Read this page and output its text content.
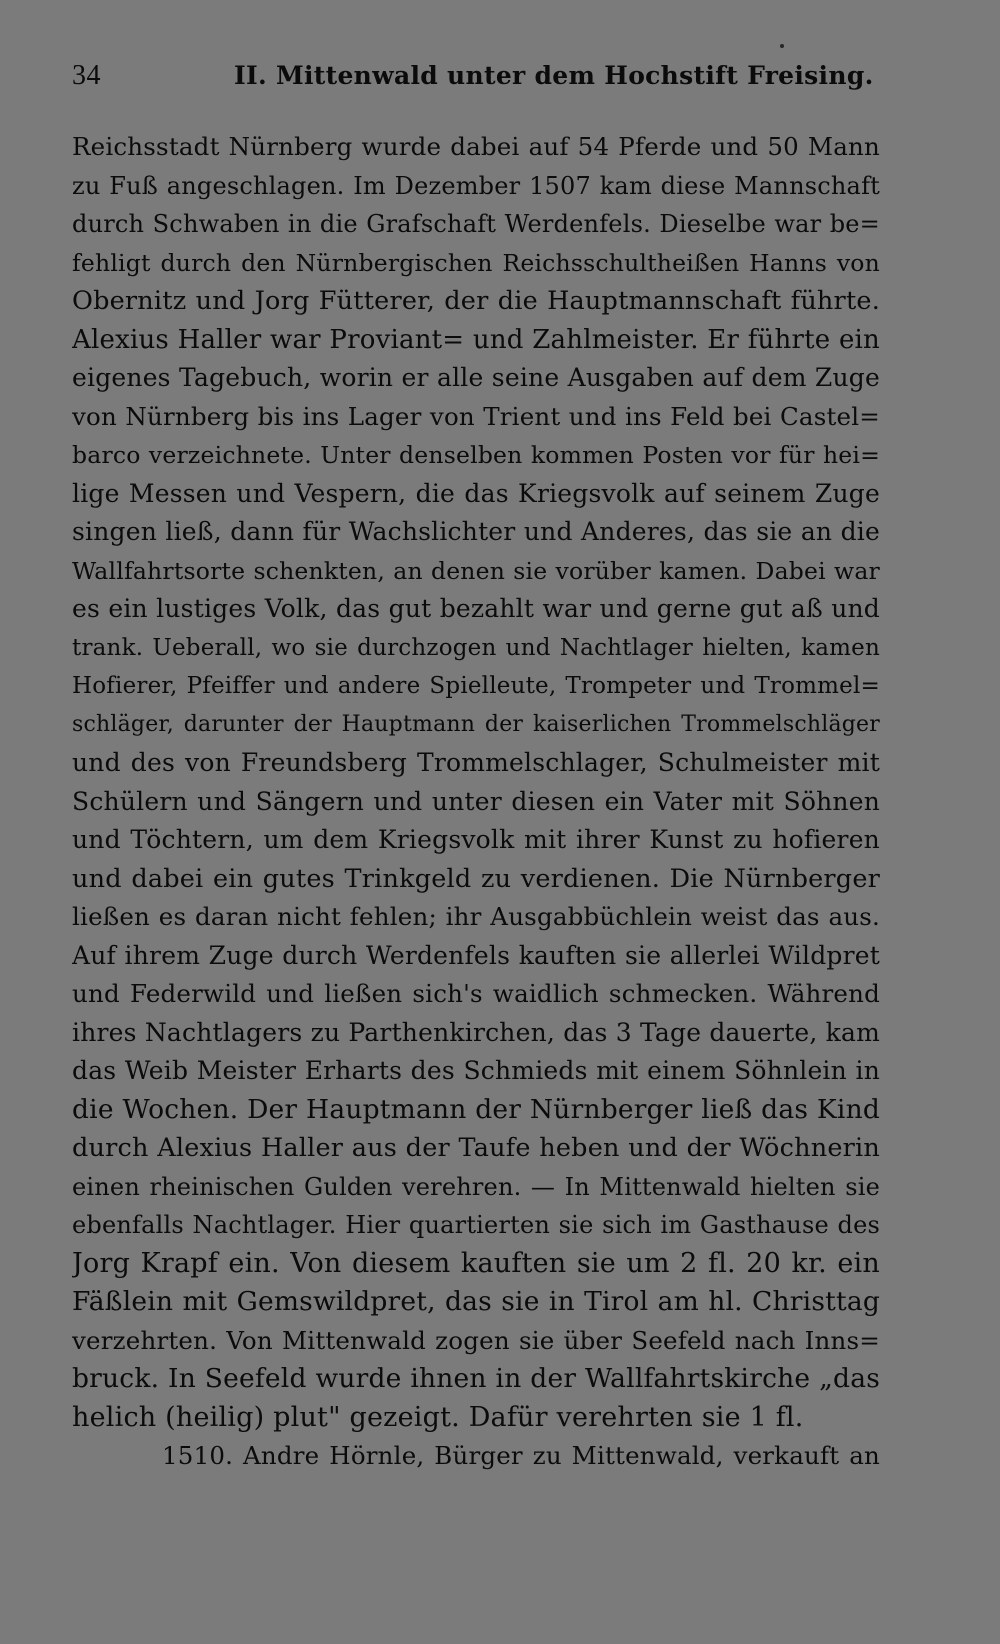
34	II. Mittenwald unter dem Hochstift Freising.
Reichsstadt Nürnberg wurde dabei auf 54 Pferde und 50 Mann
zu Fuß angeschlagen. Im Dezember 1507 kam diese Mannschaft
durch Schwaben in die Grafschaft Werdenfels. Dieselbe war be=
fehligt durch den Nürnbergischen Reichsschultheißen Hanns von
Obernitz und Jorg Fütterer, der die Hauptmannschaft führte.
Alexius Haller war Proviant= und Zahlmeister. Er führte ein
eigenes Tagebuch, worin er alle seine Ausgaben auf dem Zuge
von Nürnberg bis ins Lager von Trient und ins Feld bei Castel=
barco verzeichnete. Unter denselben kommen Posten vor für hei=
lige Messen und Vespern, die das Kriegsvolk auf seinem Zuge
singen ließ, dann für Wachslichter und Anderes, das sie an die
Wallfahrtsorte schenkten, an denen sie vorüber kamen. Dabei war
es ein lustiges Volk, das gut bezahlt war und gerne gut aß und
trank. Ueberall, wo sie durchzogen und Nachtlager hielten, kamen
Hofierer, Pfeiffer und andere Spielleute, Trompeter und Trommel=
schläger, darunter der Hauptmann der kaiserlichen Trommelschläger
und des von Freundsberg Trommelschlager, Schulmeister mit
Schülern und Sängern und unter diesen ein Vater mit Söhnen
und Töchtern, um dem Kriegsvolk mit ihrer Kunst zu hofieren
und dabei ein gutes Trinkgeld zu verdienen. Die Nürnberger
ließen es daran nicht fehlen; ihr Ausgabbüchlein weist das aus.
Auf ihrem Zuge durch Werdenfels kauften sie allerlei Wildpret
und Federwild und ließen sich's waidlich schmecken. Während
ihres Nachtlagers zu Parthenkirchen, das 3 Tage dauerte, kam
das Weib Meister Erharts des Schmieds mit einem Söhnlein in
die Wochen. Der Hauptmann der Nürnberger ließ das Kind
durch Alexius Haller aus der Taufe heben und der Wöchnerin
einen rheinischen Gulden verehren. — In Mittenwald hielten sie
ebenfalls Nachtlager. Hier quartierten sie sich im Gasthause des
Jorg Krapf ein. Von diesem kauften sie um 2 fl. 20 kr. ein
Fäßlein mit Gemswildpret, das sie in Tirol am hl. Christtag
verzehrten. Von Mittenwald zogen sie über Seefeld nach Inns=
bruck. In Seefeld wurde ihnen in der Wallfahrtskirche „das
helich (heilig) plut" gezeigt. Dafür verehrten sie 1 fl.
1510. Andre Hörnle, Bürger zu Mittenwald, verkauft an
